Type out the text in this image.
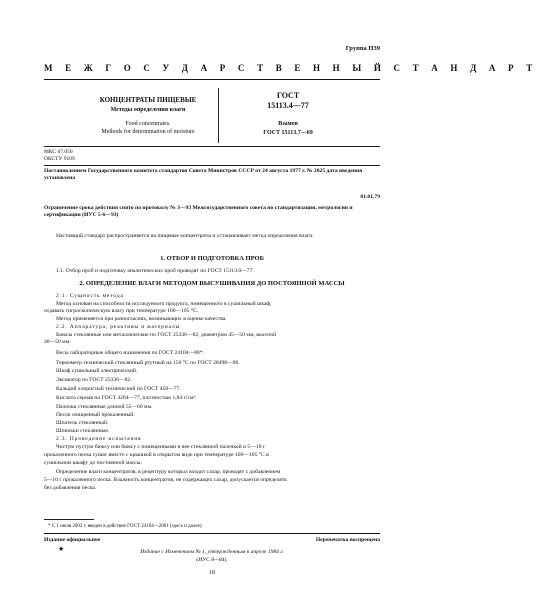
Группа Н39
М Е Ж Г О С У Д А Р С Т В Е Н Н Ы Й С Т А Н Д А Р Т
КОНЦЕНТРАТЫ ПИЩЕВЫЕ
Методы определения влаги
Food concentrates.
Methods for determination of moisture
ГОСТ
15113.4—77
Взамен
ГОСТ 15113.7—69
МКС 67.050
ОКСТУ 9109
Постановлением Государственного комитета стандартов Совета Министров СССР от 24 августа 1977 г. № 2025 дата введения установлена
01.01.79
Ограничение срока действия снято по протоколу № 3—93 Межгосударственного совета по стандартизации, метрологии и сертификации (ИУС 5-6—93)
Настоящий стандарт распространяется на пищевые концентраты и устанавливает метод определения влаги.
1. ОТБОР И ПОДГОТОВКА ПРОБ
1.1. Отбор проб и подготовку аналитических проб проводят по ГОСТ 15113.0—77.
2. ОПРЕДЕЛЕНИЕ ВЛАГИ МЕТОДОМ ВЫСУШИВАНИЯ ДО ПОСТОЯННОЙ МАССЫ
2.1. Сущность метода
Метод основан на способности исследуемого продукта, помещенного в сушильный шкаф,
отдавать гигроскопическую влагу при температуре 100—105 °С.
Метод применяется при разногласиях, возникающих в оценке качества.
2.2. Аппаратура, реактивы и материалы
Бюксы стеклянные или металлические по ГОСТ 25336—82, диаметром 45—50 мм, высотой
40—50 мм.
Весы лабораторные общего назначения по ГОСТ 24104—88*.
Термометр технический стеклянный ртутный на 150 °С по ГОСТ 28498—90.
Шкаф сушильный электрический.
Эксикатор по ГОСТ 25336—82.
Кальций хлористый технический по ГОСТ 450—77.
Кислота серная по ГОСТ 4204—77, плотностью 1,84 г/см³.
Палочки стеклянные длиной 55—60 мм.
Песок очищенный прокаленный.
Шпатель стеклянный.
Шпильки стеклянные.
2.3. Проведение испытания
Чистую пустую бюксу или бюксу с помещенными в нее стеклянной палочкой и 5—10 г
прокаленного песка сушат вместе с крышкой в открытом виде при температуре 100—105 °С в
сушильном шкафу до постоянной массы.
Определение влаги концентратов, в рецептуру которых входит сахар, проводят с добавлением
5—10 г прокаленного песка. Влажность концентратов, не содержащих сахар, допускается определять
без добавления песка.
* С 1 июля 2002 г. введен в действие ГОСТ 24104—2001 (здесь и далее).
Издание официальное
★
Перепечатка воспрещена
Издание с Изменением № 1, утвержденным в апреле 1984 г.
(ИУС 8—84).
18
